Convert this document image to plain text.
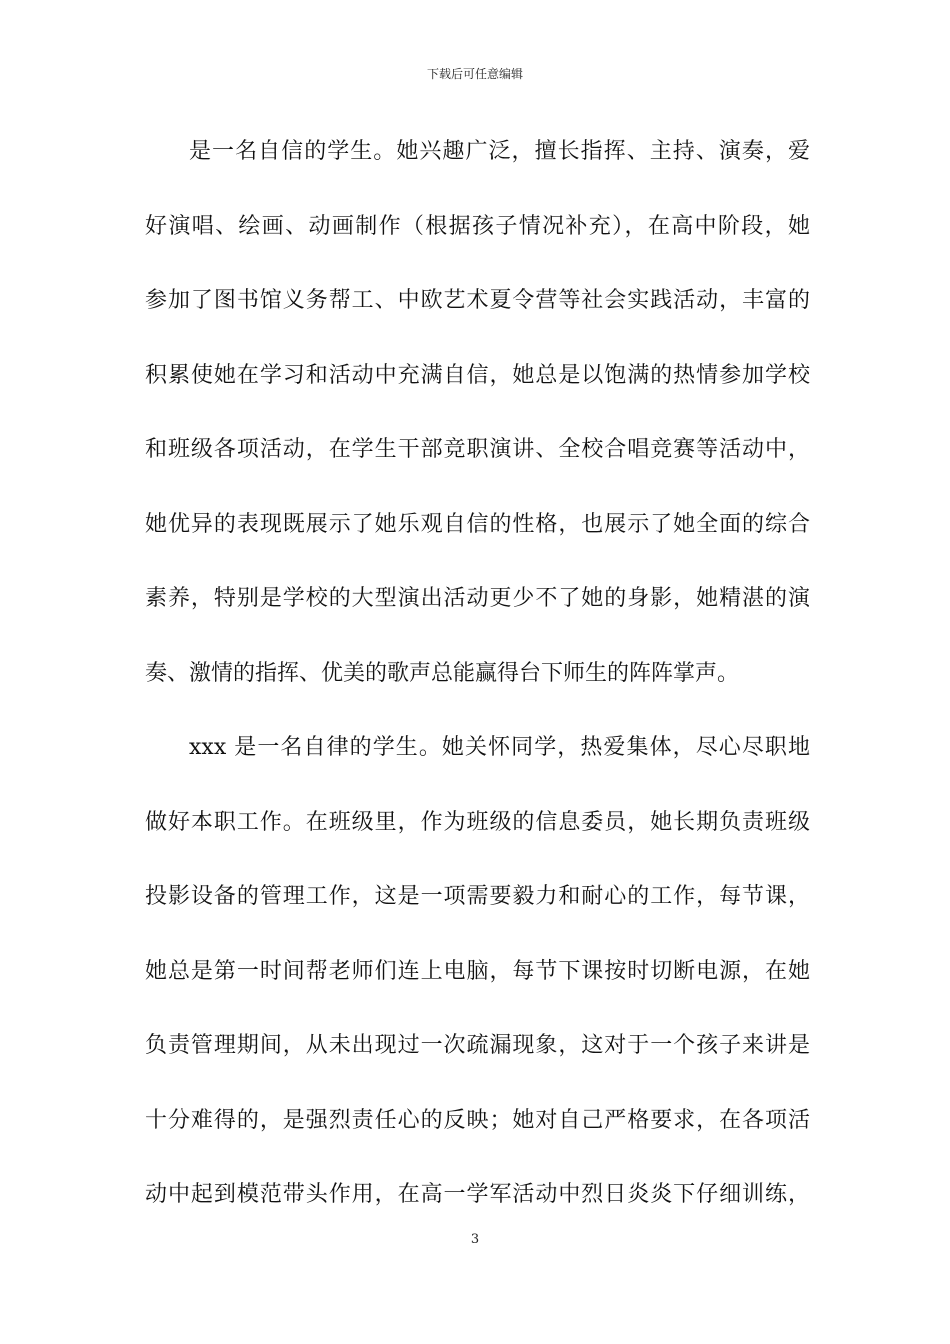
下载后可任意编辑
是一名自信的学生。她兴趣广泛，擅长指挥、主持、演奏，爱
好演唱、绘画、动画制作（根据孩子情况补充），在高中阶段，她
参加了图书馆义务帮工、中欧艺术夏令营等社会实践活动，丰富的
积累使她在学习和活动中充满自信，她总是以饱满的热情参加学校
和班级各项活动，在学生干部竞职演讲、全校合唱竞赛等活动中，
她优异的表现既展示了她乐观自信的性格，也展示了她全面的综合
素养，特别是学校的大型演出活动更少不了她的身影，她精湛的演
奏、激情的指挥、优美的歌声总能赢得台下师生的阵阵掌声。
xxx 是一名自律的学生。她关怀同学，热爱集体，尽心尽职地
做好本职工作。在班级里，作为班级的信息委员，她长期负责班级
投影设备的管理工作，这是一项需要毅力和耐心的工作，每节课，
她总是第一时间帮老师们连上电脑，每节下课按时切断电源，在她
负责管理期间，从未出现过一次疏漏现象，这对于一个孩子来讲是
十分难得的，是强烈责任心的反映；她对自己严格要求，在各项活
动中起到模范带头作用，在高一学军活动中烈日炎炎下仔细训练，
3
